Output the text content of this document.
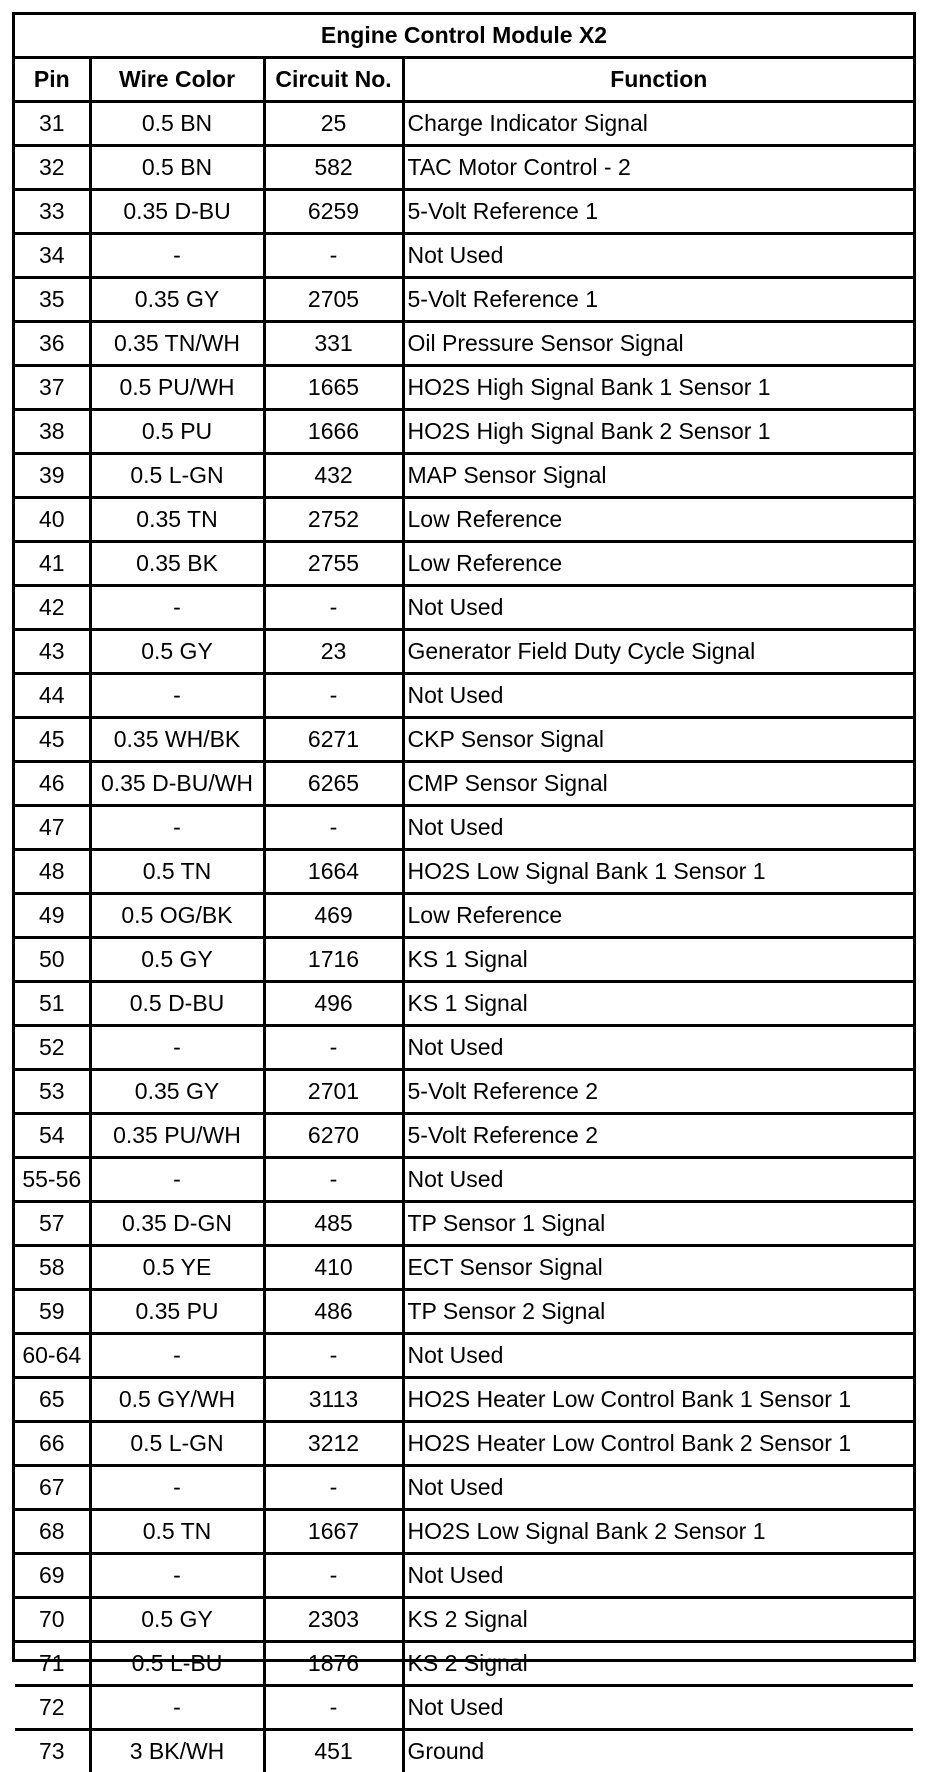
Engine Control Module X2			
Pin	Wire Color	Circuit No.	Function
31	0.5 BN	25	Charge Indicator Signal
32	0.5 BN	582	TAC Motor Control - 2
33	0.35 D-BU	6259	5-Volt Reference 1
34	-	-	Not Used
35	0.35 GY	2705	5-Volt Reference 1
36	0.35 TN/WH	331	Oil Pressure Sensor Signal
37	0.5 PU/WH	1665	HO2S High Signal Bank 1 Sensor 1
38	0.5 PU	1666	HO2S High Signal Bank 2 Sensor 1
39	0.5 L-GN	432	MAP Sensor Signal
40	0.35 TN	2752	Low Reference
41	0.35 BK	2755	Low Reference
42	-	-	Not Used
43	0.5 GY	23	Generator Field Duty Cycle Signal
44	-	-	Not Used
45	0.35 WH/BK	6271	CKP Sensor Signal
46	0.35 D-BU/WH	6265	CMP Sensor Signal
47	-	-	Not Used
48	0.5 TN	1664	HO2S Low Signal Bank 1 Sensor 1
49	0.5 OG/BK	469	Low Reference
50	0.5 GY	1716	KS 1 Signal
51	0.5 D-BU	496	KS 1 Signal
52	-	-	Not Used
53	0.35 GY	2701	5-Volt Reference 2
54	0.35 PU/WH	6270	5-Volt Reference 2
55-56	-	-	Not Used
57	0.35 D-GN	485	TP Sensor 1 Signal
58	0.5 YE	410	ECT Sensor Signal
59	0.35 PU	486	TP Sensor 2 Signal
60-64	-	-	Not Used
65	0.5 GY/WH	3113	HO2S Heater Low Control Bank 1 Sensor 1
66	0.5 L-GN	3212	HO2S Heater Low Control Bank 2 Sensor 1
67	-	-	Not Used
68	0.5 TN	1667	HO2S Low Signal Bank 2 Sensor 1
69	-	-	Not Used
70	0.5 GY	2303	KS 2 Signal
71	0.5 L-BU	1876	KS 2 Signal
72	-	-	Not Used
73	3 BK/WH	451	Ground
